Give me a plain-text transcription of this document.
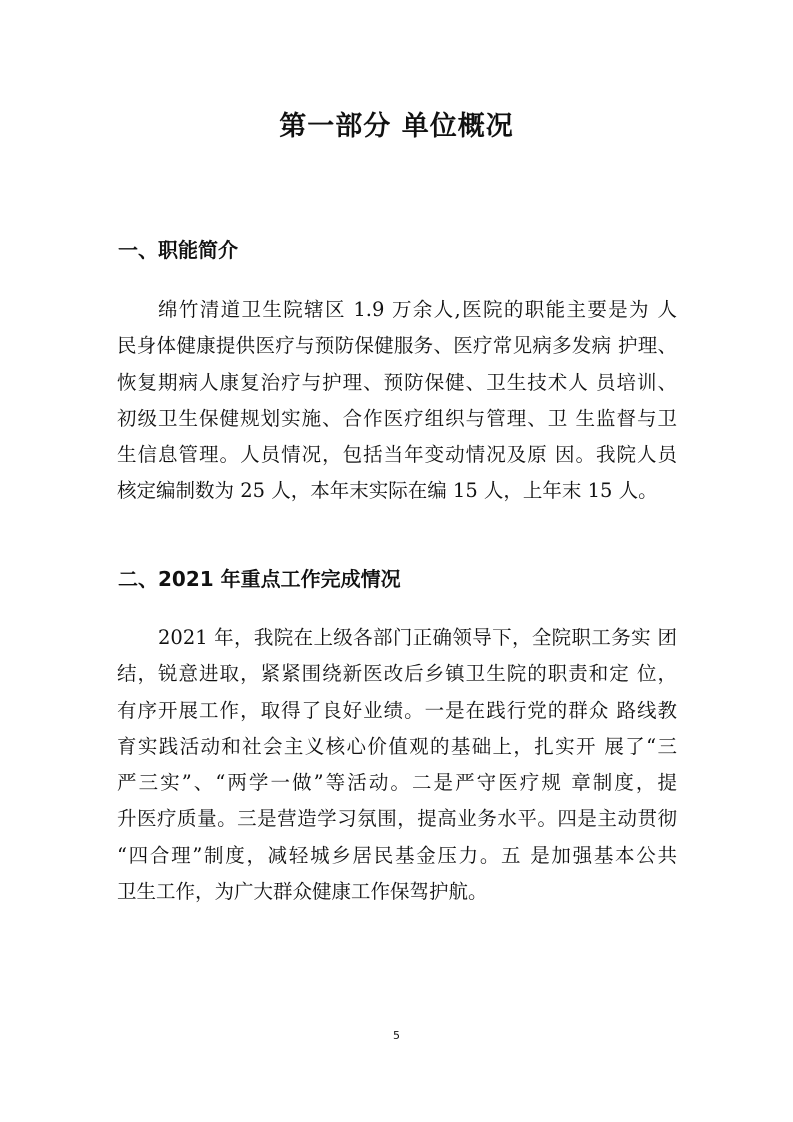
第一部分 单位概况
一、职能简介
绵竹清道卫生院辖区 1.9 万余人,医院的职能主要是为 人
民身体健康提供医疗与预防保健服务、医疗常见病多发病 护理、
恢复期病人康复治疗与护理、预防保健、卫生技术人 员培训、
初级卫生保健规划实施、合作医疗组织与管理、卫 生监督与卫
生信息管理。人员情况，包括当年变动情况及原 因。我院人员
核定编制数为 25 人，本年末实际在编 15 人，上年末 15 人。
二、2021 年重点工作完成情况
2021 年，我院在上级各部门正确领导下，全院职工务实 团
结，锐意进取，紧紧围绕新医改后乡镇卫生院的职责和定 位，
有序开展工作，取得了良好业绩。一是在践行党的群众 路线教
育实践活动和社会主义核心价值观的基础上，扎实开 展了“三
严三实”、“两学一做”等活动。二是严守医疗规 章制度，提
升医疗质量。三是营造学习氛围，提高业务水平。四是主动贯彻
“四合理”制度，减轻城乡居民基金压力。五 是加强基本公共
卫生工作，为广大群众健康工作保驾护航。
5
